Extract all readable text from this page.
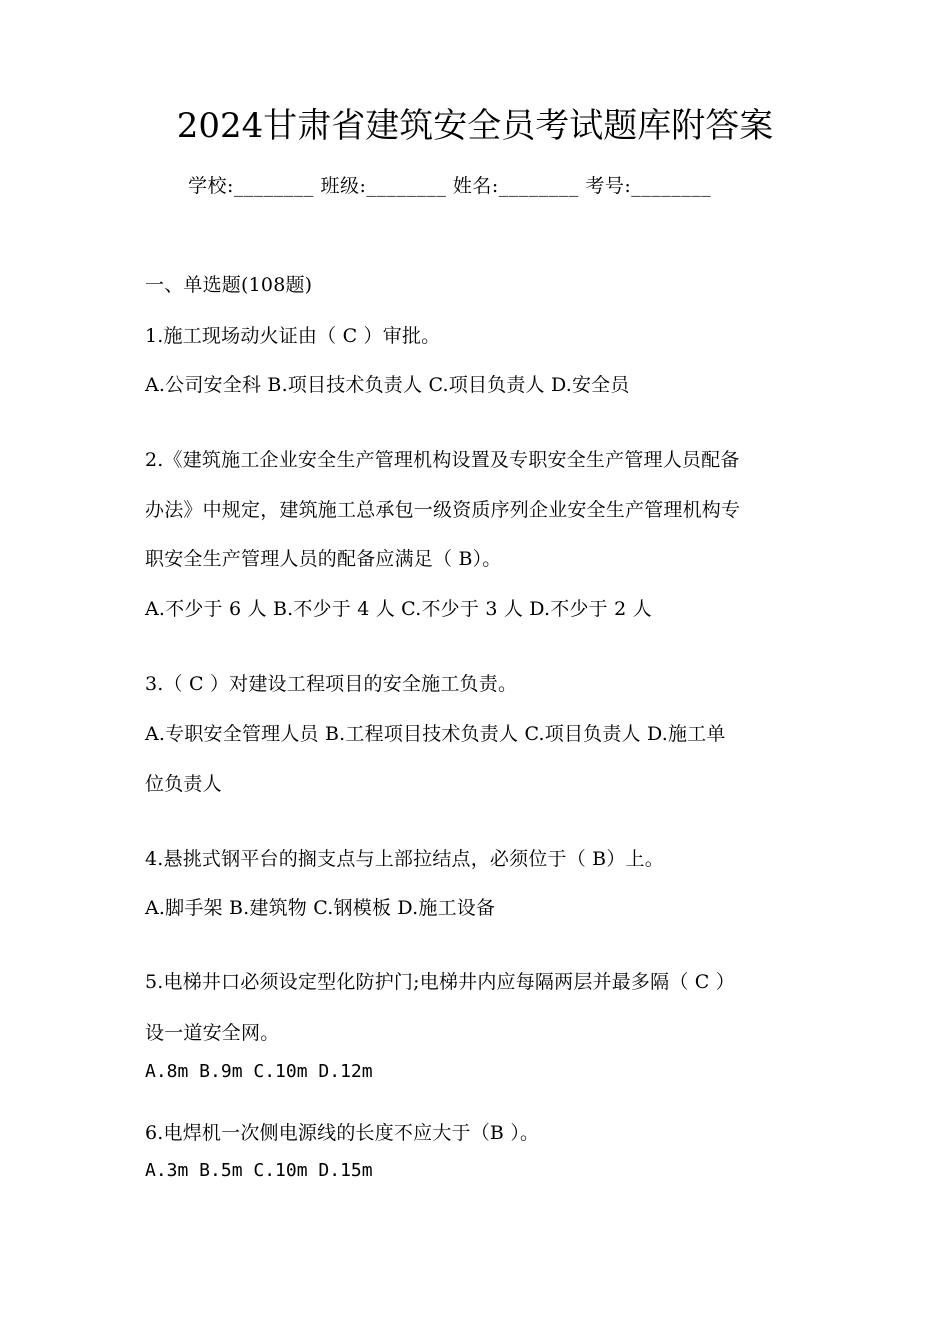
2024甘肃省建筑安全员考试题库附答案
学校:________ 班级:________ 姓名:________ 考号:________
一、单选题(108题)
1.施工现场动火证由（ C ）审批。
A.公司安全科 B.项目技术负责人 C.项目负责人 D.安全员
2.《建筑施工企业安全生产管理机构设置及专职安全生产管理人员配备
办法》中规定，建筑施工总承包一级资质序列企业安全生产管理机构专
职安全生产管理人员的配备应满足（ B）。
A.不少于 6 人 B.不少于 4 人 C.不少于 3 人 D.不少于 2 人
3.（ C ）对建设工程项目的安全施工负责。
A.专职安全管理人员 B.工程项目技术负责人 C.项目负责人 D.施工单
位负责人
4.悬挑式钢平台的搁支点与上部拉结点，必须位于（ B）上。
A.脚手架 B.建筑物 C.钢模板 D.施工设备
5.电梯井口必须设定型化防护门;电梯井内应每隔两层并最多隔（ C ）
设一道安全网。
A.8m B.9m C.10m D.12m
6.电焊机一次侧电源线的长度不应大于（B ）。
A.3m B.5m C.10m D.15m
